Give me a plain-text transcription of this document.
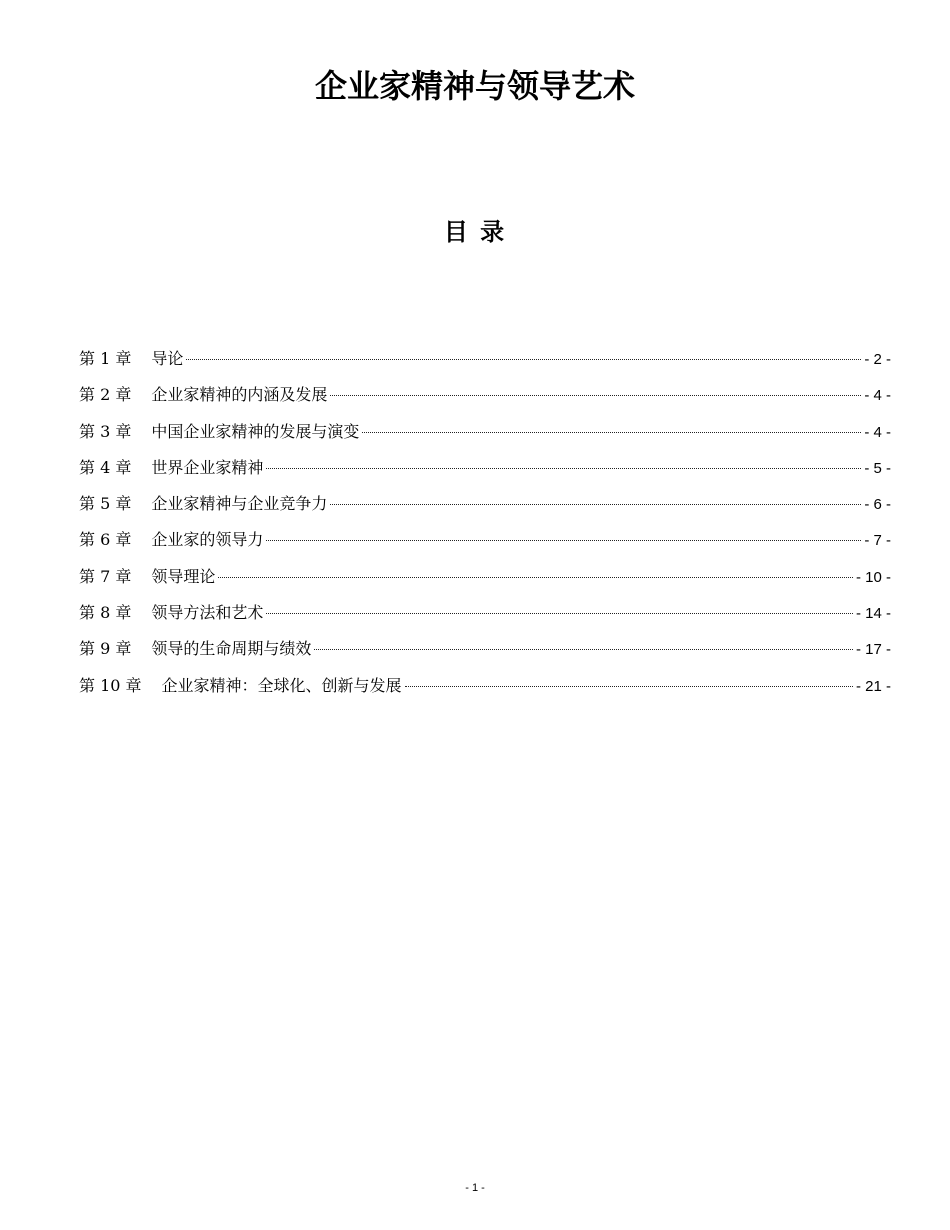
企业家精神与领导艺术
目 录
第 1 章	导论	- 2 -
第 2 章	企业家精神的内涵及发展	- 4 -
第 3 章	中国企业家精神的发展与演变	- 4 -
第 4 章	世界企业家精神	- 5 -
第 5 章	企业家精神与企业竞争力	- 6 -
第 6 章	企业家的领导力	- 7 -
第 7 章	领导理论	- 10 -
第 8 章	领导方法和艺术	- 14 -
第 9 章	领导的生命周期与绩效	- 17 -
第 10 章	企业家精神：全球化、创新与发展	- 21 -
- 1 -
